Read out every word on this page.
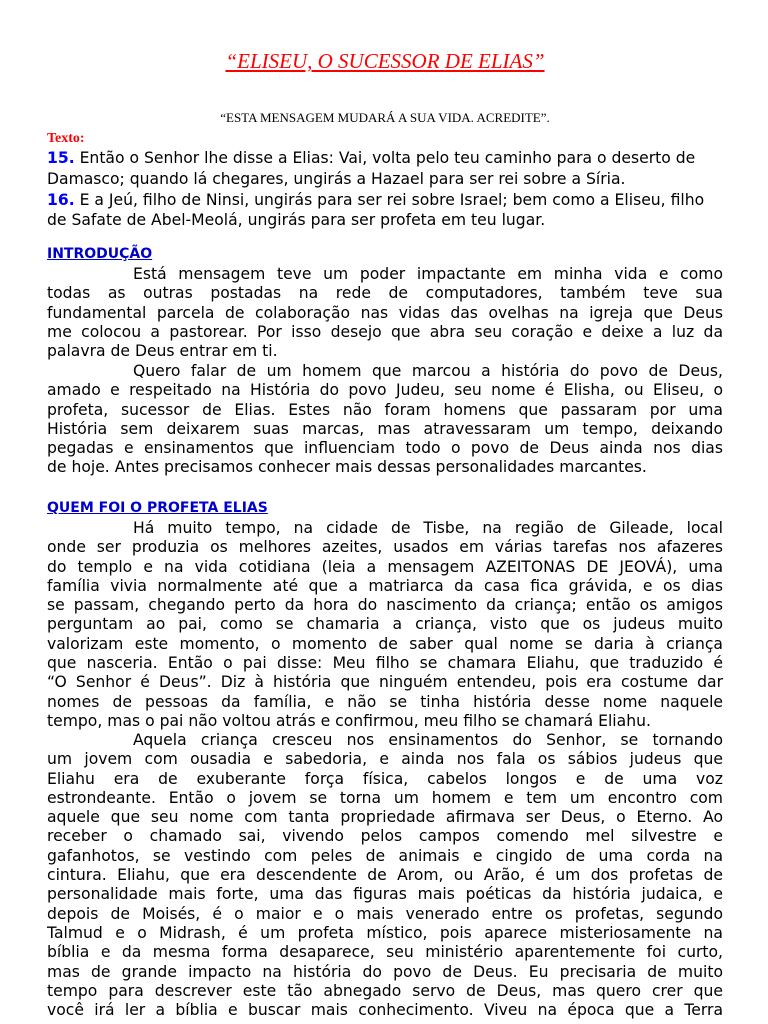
“ELISEU, O SUCESSOR DE ELIAS”
“ESTA MENSAGEM MUDARÁ A SUA VIDA. ACREDITE”.
Texto:
15. Então o Senhor lhe disse a Elias: Vai, volta pelo teu caminho para o deserto de Damasco; quando lá chegares, ungirás a Hazael para ser rei sobre a Síria.
16. E a Jeú, filho de Ninsi, ungirás para ser rei sobre Israel; bem como a Eliseu, filho de Safate de Abel-Meolá, ungirás para ser profeta em teu lugar.
INTRODUÇÃO
Está mensagem teve um poder impactante em minha vida e como
todas as outras postadas na rede de computadores, também teve sua
fundamental parcela de colaboração nas vidas das ovelhas na igreja que Deus
me colocou a pastorear. Por isso desejo que abra seu coração e deixe a luz da
palavra de Deus entrar em ti.
Quero falar de um homem que marcou a história do povo de Deus,
amado e respeitado na História do povo Judeu, seu nome é Elisha, ou Eliseu, o
profeta, sucessor de Elias. Estes não foram homens que passaram por uma
História sem deixarem suas marcas, mas atravessaram um tempo, deixando
pegadas e ensinamentos que influenciam todo o povo de Deus ainda nos dias
de hoje. Antes precisamos conhecer mais dessas personalidades marcantes.
QUEM FOI O PROFETA ELIAS
Há muito tempo, na cidade de Tisbe, na região de Gileade, local
onde ser produzia os melhores azeites, usados em várias tarefas nos afazeres
do templo e na vida cotidiana (leia a mensagem AZEITONAS DE JEOVÁ), uma
família vivia normalmente até que a matriarca da casa fica grávida, e os dias
se passam, chegando perto da hora do nascimento da criança; então os amigos
perguntam ao pai, como se chamaria a criança, visto que os judeus muito
valorizam este momento, o momento de saber qual nome se daria à criança
que nasceria. Então o pai disse: Meu filho se chamara Eliahu, que traduzido é
“O Senhor é Deus”. Diz à história que ninguém entendeu, pois era costume dar
nomes de pessoas da família, e não se tinha história desse nome naquele
tempo, mas o pai não voltou atrás e confirmou, meu filho se chamará Eliahu.
Aquela criança cresceu nos ensinamentos do Senhor, se tornando
um jovem com ousadia e sabedoria, e ainda nos fala os sábios judeus que
Eliahu era de exuberante força física, cabelos longos e de uma voz
estrondeante. Então o jovem se torna um homem e tem um encontro com
aquele que seu nome com tanta propriedade afirmava ser Deus, o Eterno. Ao
receber o chamado sai, vivendo pelos campos comendo mel silvestre e
gafanhotos, se vestindo com peles de animais e cingido de uma corda na
cintura. Eliahu, que era descendente de Arom, ou Arão, é um dos profetas de
personalidade mais forte, uma das figuras mais poéticas da história judaica, e
depois de Moisés, é o maior e o mais venerado entre os profetas, segundo
Talmud e o Midrash, é um profeta místico, pois aparece misteriosamente na
bíblia e da mesma forma desaparece, seu ministério aparentemente foi curto,
mas de grande impacto na história do povo de Deus. Eu precisaria de muito
tempo para descrever este tão abnegado servo de Deus, mas quero crer que
você irá ler a bíblia e buscar mais conhecimento. Viveu na época que a Terra
